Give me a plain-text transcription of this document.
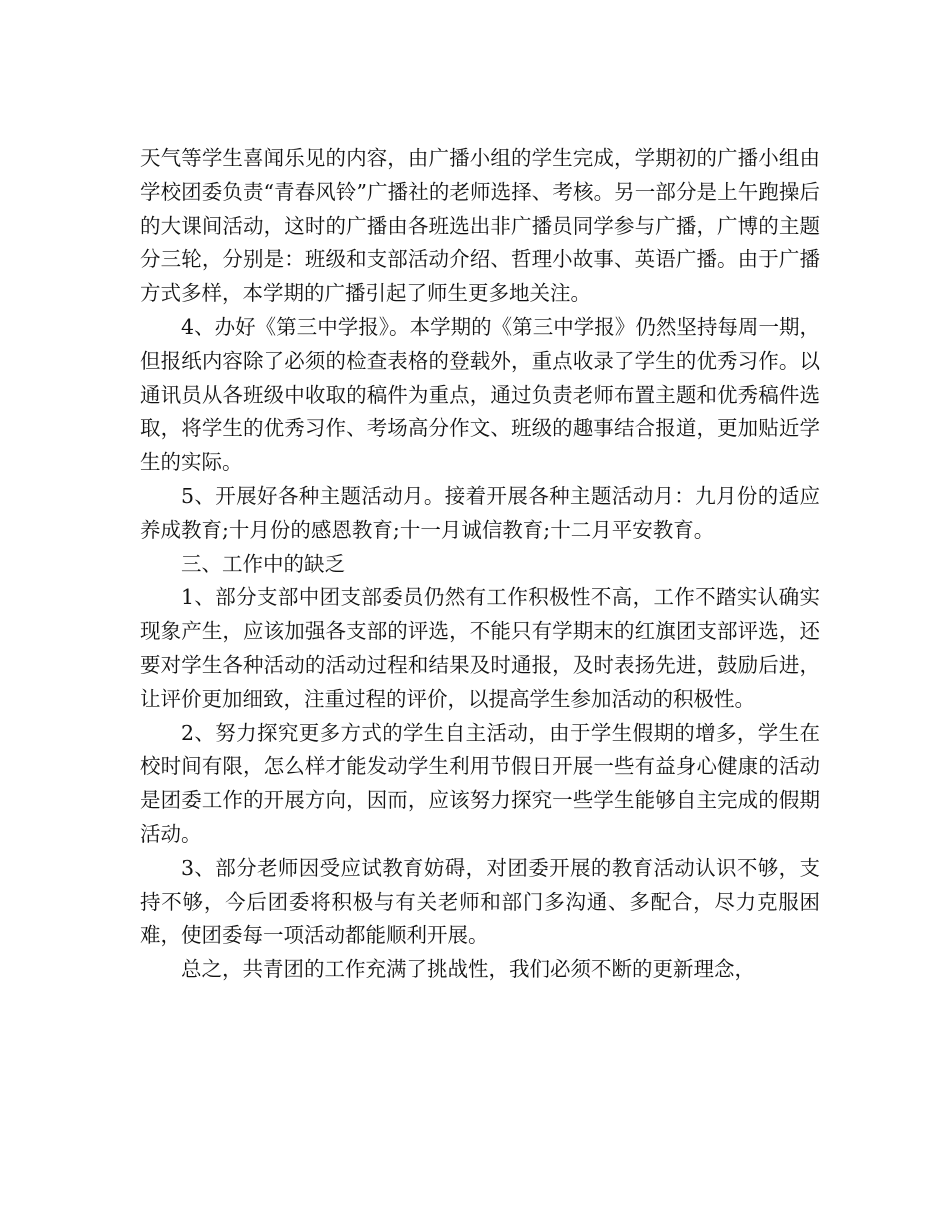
天气等学生喜闻乐见的内容，由广播小组的学生完成，学期初的广播小组由学校团委负责“青春风铃”广播社的老师选择、考核。另一部分是上午跑操后的大课间活动，这时的广播由各班选出非广播员同学参与广播，广博的主题分三轮，分别是：班级和支部活动介绍、哲理小故事、英语广播。由于广播方式多样，本学期的广播引起了师生更多地关注。

4、办好《第三中学报》。本学期的《第三中学报》仍然坚持每周一期，但报纸内容除了必须的检查表格的登载外，重点收录了学生的优秀习作。以通讯员从各班级中收取的稿件为重点，通过负责老师布置主题和优秀稿件选取，将学生的优秀习作、考场高分作文、班级的趣事结合报道，更加贴近学生的实际。

5、开展好各种主题活动月。接着开展各种主题活动月：九月份的适应养成教育;十月份的感恩教育;十一月诚信教育;十二月平安教育。

三、工作中的缺乏

1、部分支部中团支部委员仍然有工作积极性不高，工作不踏实认确实现象产生，应该加强各支部的评选，不能只有学期末的红旗团支部评选，还要对学生各种活动的活动过程和结果及时通报，及时表扬先进，鼓励后进，让评价更加细致，注重过程的评价，以提高学生参加活动的积极性。

2、努力探究更多方式的学生自主活动，由于学生假期的增多，学生在校时间有限，怎么样才能发动学生利用节假日开展一些有益身心健康的活动是团委工作的开展方向，因而，应该努力探究一些学生能够自主完成的假期活动。

3、部分老师因受应试教育妨碍，对团委开展的教育活动认识不够，支持不够，今后团委将积极与有关老师和部门多沟通、多配合，尽力克服困难，使团委每一项活动都能顺利开展。

总之，共青团的工作充满了挑战性，我们必须不断的更新理念，
